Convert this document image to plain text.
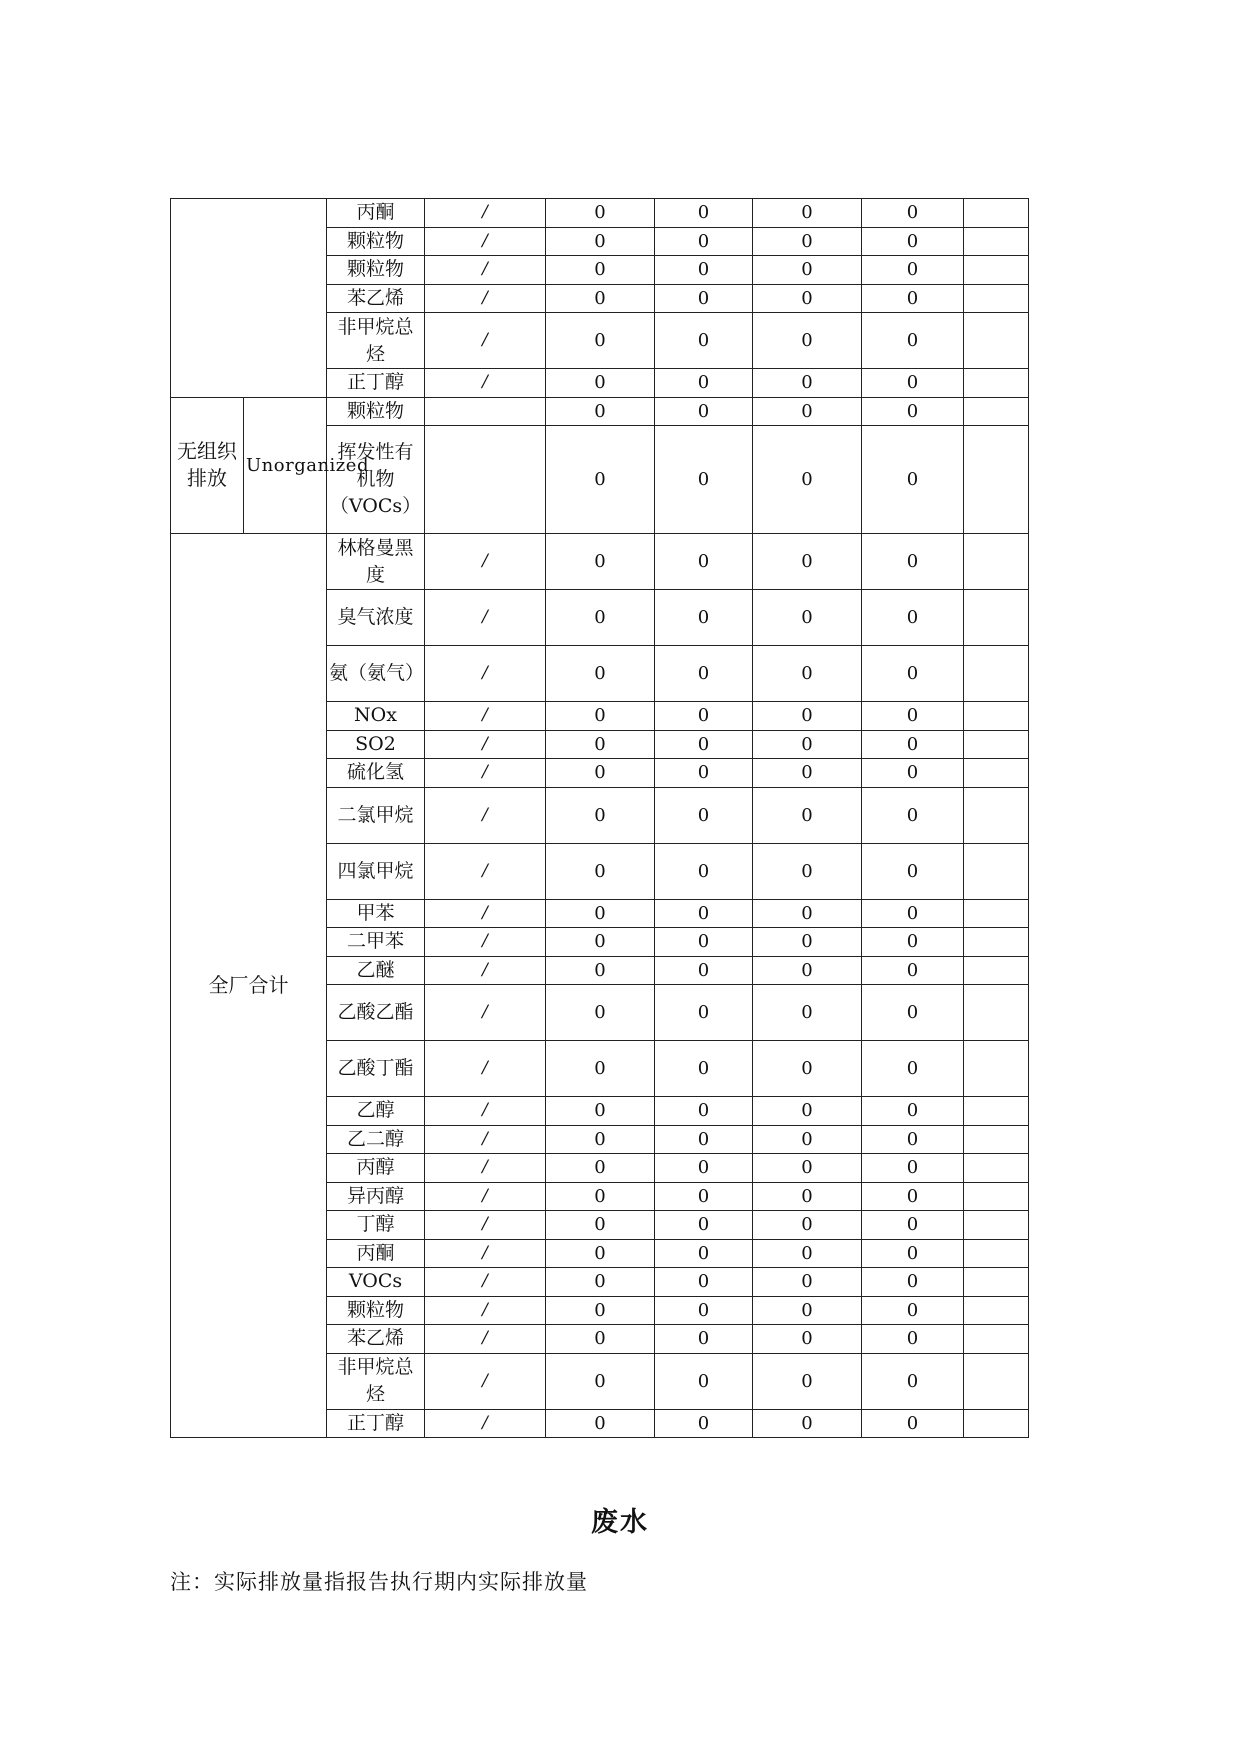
		丙酮	/	0	0	0	0	
		颗粒物	/	0	0	0	0	
		颗粒物	/	0	0	0	0	
		苯乙烯	/	0	0	0	0	
		非甲烷总烃	/	0	0	0	0	
		正丁醇	/	0	0	0	0	
无组织排放	Unorganized	颗粒物		0	0	0	0	
		挥发性有机物（VOCs）		0	0	0	0	
全厂合计		林格曼黑度	/	0	0	0	0	
		臭气浓度	/	0	0	0	0	
		氨（氨气）	/	0	0	0	0	
		NOx	/	0	0	0	0	
		SO2	/	0	0	0	0	
		硫化氢	/	0	0	0	0	
		二氯甲烷	/	0	0	0	0	
		四氯甲烷	/	0	0	0	0	
		甲苯	/	0	0	0	0	
		二甲苯	/	0	0	0	0	
		乙醚	/	0	0	0	0	
		乙酸乙酯	/	0	0	0	0	
		乙酸丁酯	/	0	0	0	0	
		乙醇	/	0	0	0	0	
		乙二醇	/	0	0	0	0	
		丙醇	/	0	0	0	0	
		异丙醇	/	0	0	0	0	
		丁醇	/	0	0	0	0	
		丙酮	/	0	0	0	0	
		VOCs	/	0	0	0	0	
		颗粒物	/	0	0	0	0	
		苯乙烯	/	0	0	0	0	
		非甲烷总烃	/	0	0	0	0	
		正丁醇	/	0	0	0	0	
废水
注：实际排放量指报告执行期内实际排放量
